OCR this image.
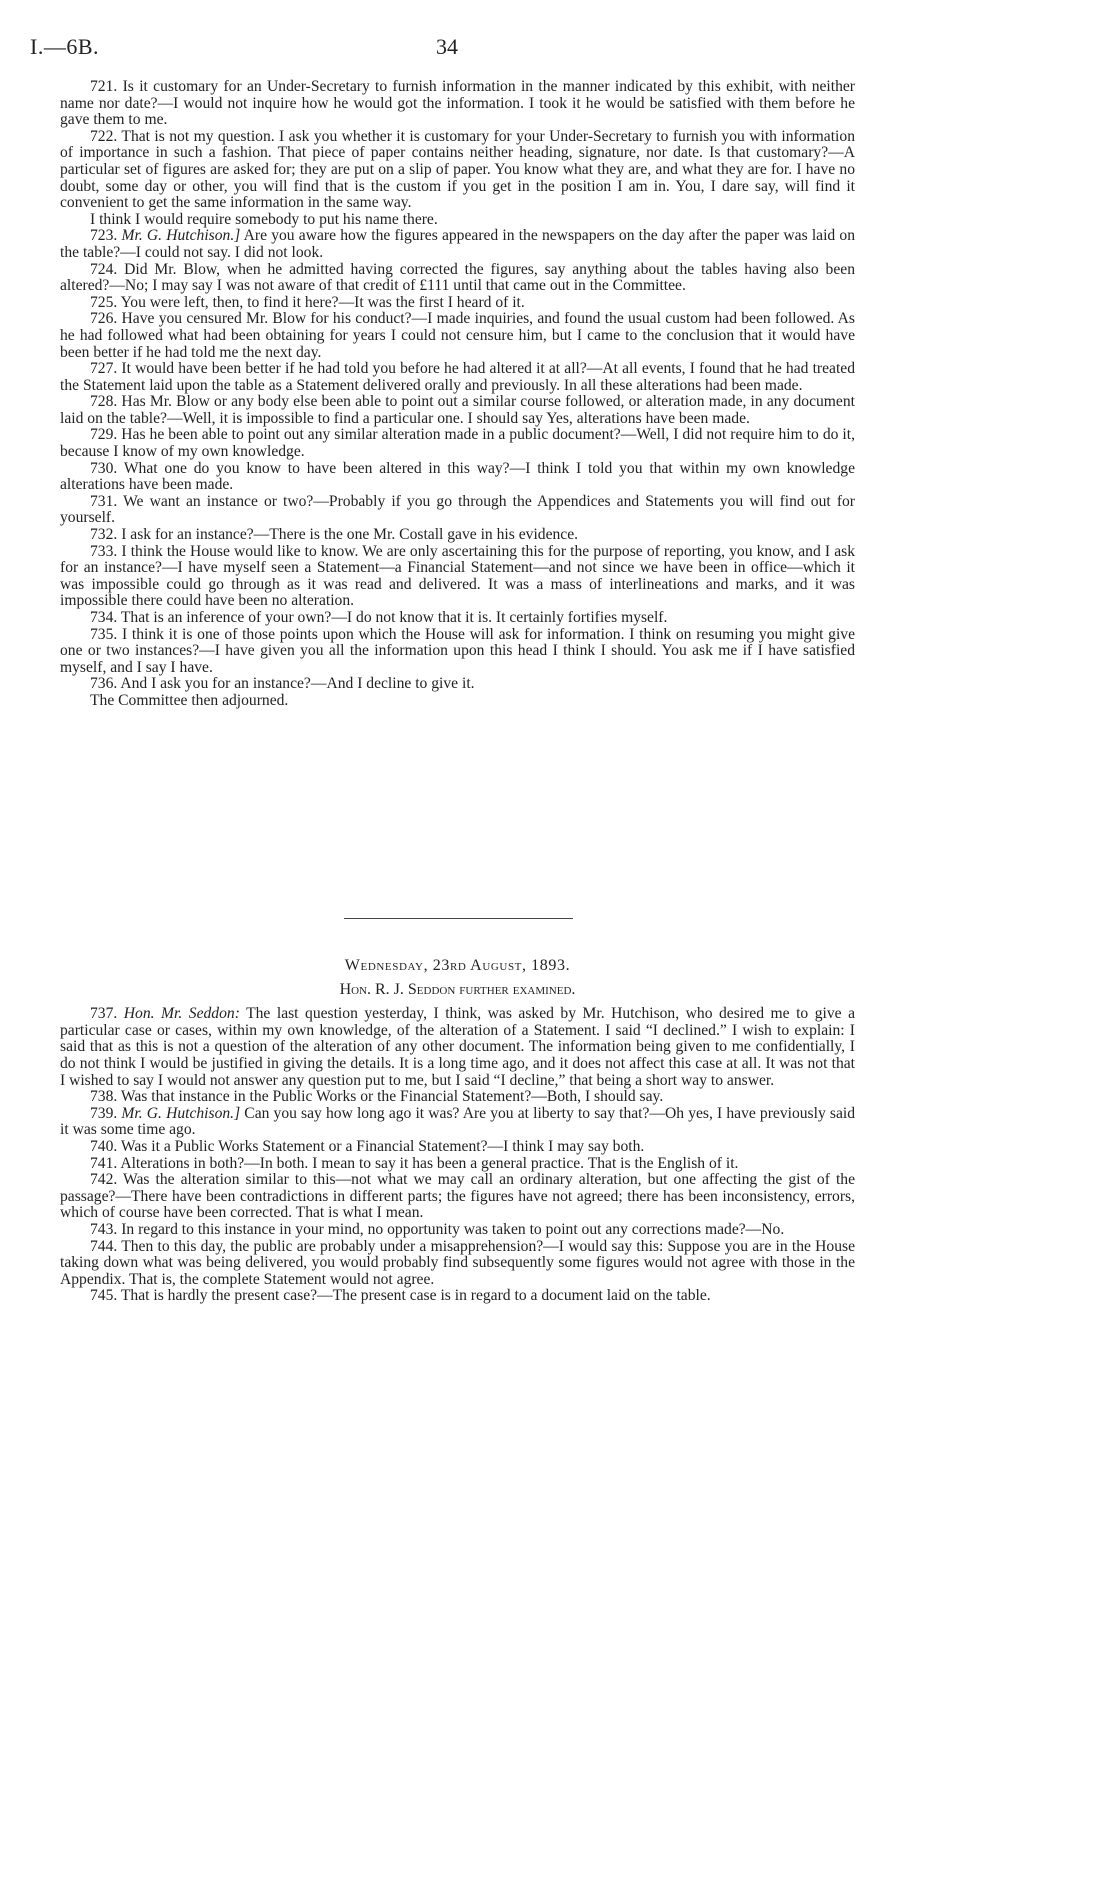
I.—6B.	34

721. Is it customary for an Under-Secretary to furnish information in the manner indicated by this exhibit, with neither name nor date?—I would not inquire how he would got the information. I took it he would be satisfied with them before he gave them to me.

722. That is not my question. I ask you whether it is customary for your Under-Secretary to furnish you with information of importance in such a fashion. That piece of paper contains neither heading, signature, nor date. Is that customary?—A particular set of figures are asked for; they are put on a slip of paper. You know what they are, and what they are for. I have no doubt, some day or other, you will find that is the custom if you get in the position I am in. You, I dare say, will find it convenient to get the same information in the same way.

I think I would require somebody to put his name there.

723. Mr. G. Hutchison.] Are you aware how the figures appeared in the newspapers on the day after the paper was laid on the table?—I could not say. I did not look.

724. Did Mr. Blow, when he admitted having corrected the figures, say anything about the tables having also been altered?—No; I may say I was not aware of that credit of £111 until that came out in the Committee.

725. You were left, then, to find it here?—It was the first I heard of it.

726. Have you censured Mr. Blow for his conduct?—I made inquiries, and found the usual custom had been followed. As he had followed what had been obtaining for years I could not censure him, but I came to the conclusion that it would have been better if he had told me the next day.

727. It would have been better if he had told you before he had altered it at all?—At all events, I found that he had treated the Statement laid upon the table as a Statement delivered orally and previously. In all these alterations had been made.

728. Has Mr. Blow or any body else been able to point out a similar course followed, or alteration made, in any document laid on the table?—Well, it is impossible to find a particular one. I should say Yes, alterations have been made.

729. Has he been able to point out any similar alteration made in a public document?—Well, I did not require him to do it, because I know of my own knowledge.

730. What one do you know to have been altered in this way?—I think I told you that within my own knowledge alterations have been made.

731. We want an instance or two?—Probably if you go through the Appendices and Statements you will find out for yourself.

732. I ask for an instance?—There is the one Mr. Costall gave in his evidence.

733. I think the House would like to know. We are only ascertaining this for the purpose of reporting, you know, and I ask for an instance?—I have myself seen a Statement—a Financial Statement—and not since we have been in office—which it was impossible could go through as it was read and delivered. It was a mass of interlineations and marks, and it was impossible there could have been no alteration.

734. That is an inference of your own?—I do not know that it is. It certainly fortifies myself.

735. I think it is one of those points upon which the House will ask for information. I think on resuming you might give one or two instances?—I have given you all the information upon this head I think I should. You ask me if I have satisfied myself, and I say I have.

736. And I ask you for an instance?—And I decline to give it.

The Committee then adjourned.

Wednesday, 23rd August, 1893.

Hon. R. J. Seddon further examined.

737. Hon. Mr. Seddon: The last question yesterday, I think, was asked by Mr. Hutchison, who desired me to give a particular case or cases, within my own knowledge, of the alteration of a Statement. I said “I declined.” I wish to explain: I said that as this is not a question of the alteration of any other document. The information being given to me confidentially, I do not think I would be justified in giving the details. It is a long time ago, and it does not affect this case at all. It was not that I wished to say I would not answer any question put to me, but I said “I decline,” that being a short way to answer.

738. Was that instance in the Public Works or the Financial Statement?—Both, I should say.

739. Mr. G. Hutchison.] Can you say how long ago it was? Are you at liberty to say that?—Oh yes, I have previously said it was some time ago.

740. Was it a Public Works Statement or a Financial Statement?—I think I may say both.

741. Alterations in both?—In both. I mean to say it has been a general practice. That is the English of it.

742. Was the alteration similar to this—not what we may call an ordinary alteration, but one affecting the gist of the passage?—There have been contradictions in different parts; the figures have not agreed; there has been inconsistency, errors, which of course have been corrected. That is what I mean.

743. In regard to this instance in your mind, no opportunity was taken to point out any corrections made?—No.

744. Then to this day, the public are probably under a misapprehension?—I would say this: Suppose you are in the House taking down what was being delivered, you would probably find subsequently some figures would not agree with those in the Appendix. That is, the complete Statement would not agree.

745. That is hardly the present case?—The present case is in regard to a document laid on the table.
